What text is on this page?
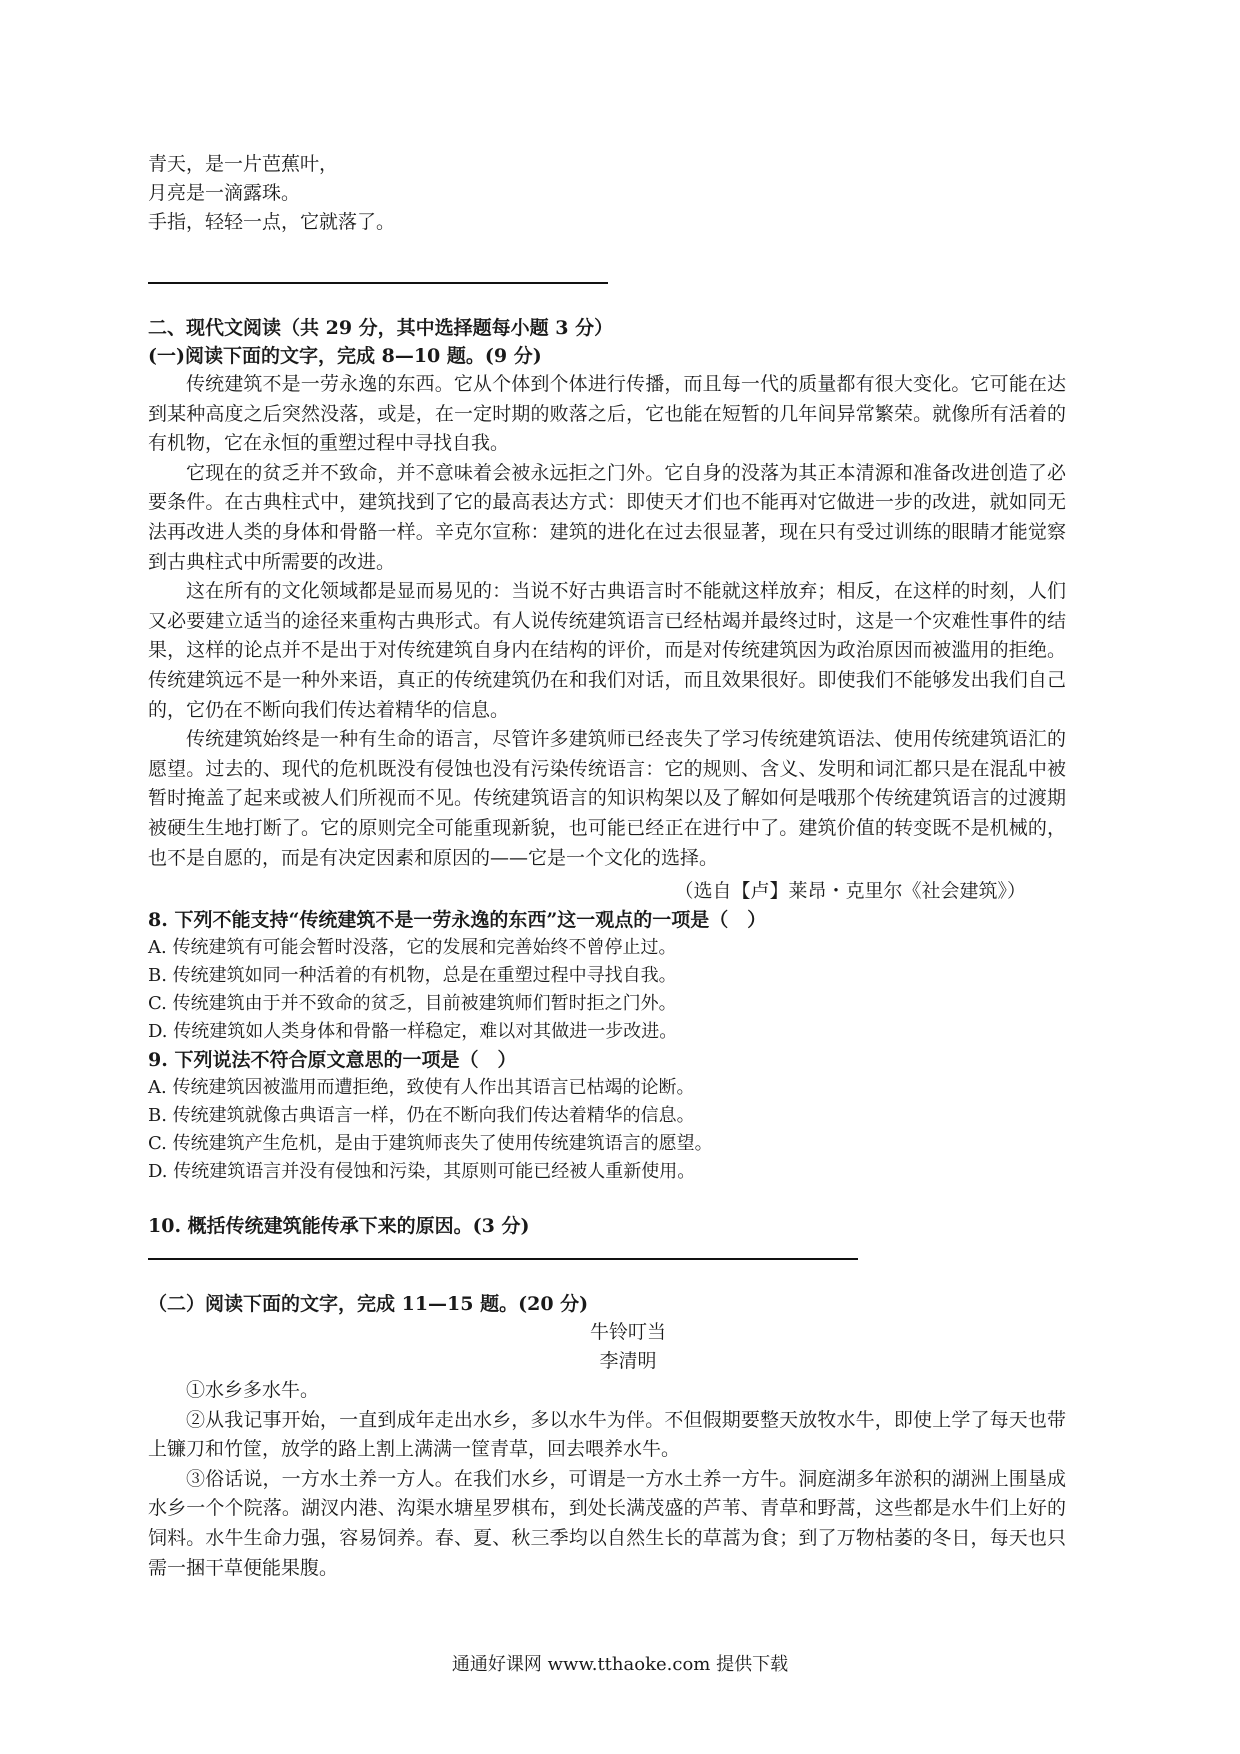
青天，是一片芭蕉叶，

月亮是一滴露珠。

手指，轻轻一点，它就落了。

二、现代文阅读（共 29 分，其中选择题每小题 3 分）

(一)阅读下面的文字，完成 8—10 题。(9 分)

传统建筑不是一劳永逸的东西。它从个体到个体进行传播，而且每一代的质量都有很大变化。它可能在达到某种高度之后突然没落，或是，在一定时期的败落之后，它也能在短暂的几年间异常繁荣。就像所有活着的有机物，它在永恒的重塑过程中寻找自我。

它现在的贫乏并不致命，并不意味着会被永远拒之门外。它自身的没落为其正本清源和准备改进创造了必要条件。在古典柱式中，建筑找到了它的最高表达方式：即使天才们也不能再对它做进一步的改进，就如同无法再改进人类的身体和骨骼一样。辛克尔宣称：建筑的进化在过去很显著，现在只有受过训练的眼睛才能觉察到古典柱式中所需要的改进。

这在所有的文化领域都是显而易见的：当说不好古典语言时不能就这样放弃；相反，在这样的时刻，人们又必要建立适当的途径来重构古典形式。有人说传统建筑语言已经枯竭并最终过时，这是一个灾难性事件的结果，这样的论点并不是出于对传统建筑自身内在结构的评价，而是对传统建筑因为政治原因而被滥用的拒绝。传统建筑远不是一种外来语，真正的传统建筑仍在和我们对话，而且效果很好。即使我们不能够发出我们自己的，它仍在不断向我们传达着精华的信息。

传统建筑始终是一种有生命的语言，尽管许多建筑师已经丧失了学习传统建筑语法、使用传统建筑语汇的愿望。过去的、现代的危机既没有侵蚀也没有污染传统语言：它的规则、含义、发明和词汇都只是在混乱中被暂时掩盖了起来或被人们所视而不见。传统建筑语言的知识构架以及了解如何是哦那个传统建筑语言的过渡期被硬生生地打断了。它的原则完全可能重现新貌，也可能已经正在进行中了。建筑价值的转变既不是机械的，也不是自愿的，而是有决定因素和原因的——它是一个文化的选择。

（选自【卢】莱昂・克里尔《社会建筑》）

8. 下列不能支持“传统建筑不是一劳永逸的东西”这一观点的一项是（　）

A. 传统建筑有可能会暂时没落，它的发展和完善始终不曾停止过。

B. 传统建筑如同一种活着的有机物，总是在重塑过程中寻找自我。

C. 传统建筑由于并不致命的贫乏，目前被建筑师们暂时拒之门外。

D. 传统建筑如人类身体和骨骼一样稳定，难以对其做进一步改进。

9. 下列说法不符合原文意思的一项是（　）

A. 传统建筑因被滥用而遭拒绝，致使有人作出其语言已枯竭的论断。

B. 传统建筑就像古典语言一样，仍在不断向我们传达着精华的信息。

C. 传统建筑产生危机，是由于建筑师丧失了使用传统建筑语言的愿望。

D. 传统建筑语言并没有侵蚀和污染，其原则可能已经被人重新使用。

10. 概括传统建筑能传承下来的原因。(3 分)

（二）阅读下面的文字，完成 11—15 题。(20 分)

牛铃叮当

李清明

①水乡多水牛。

②从我记事开始，一直到成年走出水乡，多以水牛为伴。不但假期要整天放牧水牛，即使上学了每天也带上镰刀和竹筐，放学的路上割上满满一筐青草，回去喂养水牛。

③俗话说，一方水土养一方人。在我们水乡，可谓是一方水土养一方牛。洞庭湖多年淤积的湖洲上围垦成水乡一个个院落。湖汊内港、沟渠水塘星罗棋布，到处长满茂盛的芦苇、青草和野蒿，这些都是水牛们上好的饲料。水牛生命力强，容易饲养。春、夏、秋三季均以自然生长的草蒿为食；到了万物枯萎的冬日，每天也只需一捆干草便能果腹。

通通好课网 www.tthaoke.com 提供下载
